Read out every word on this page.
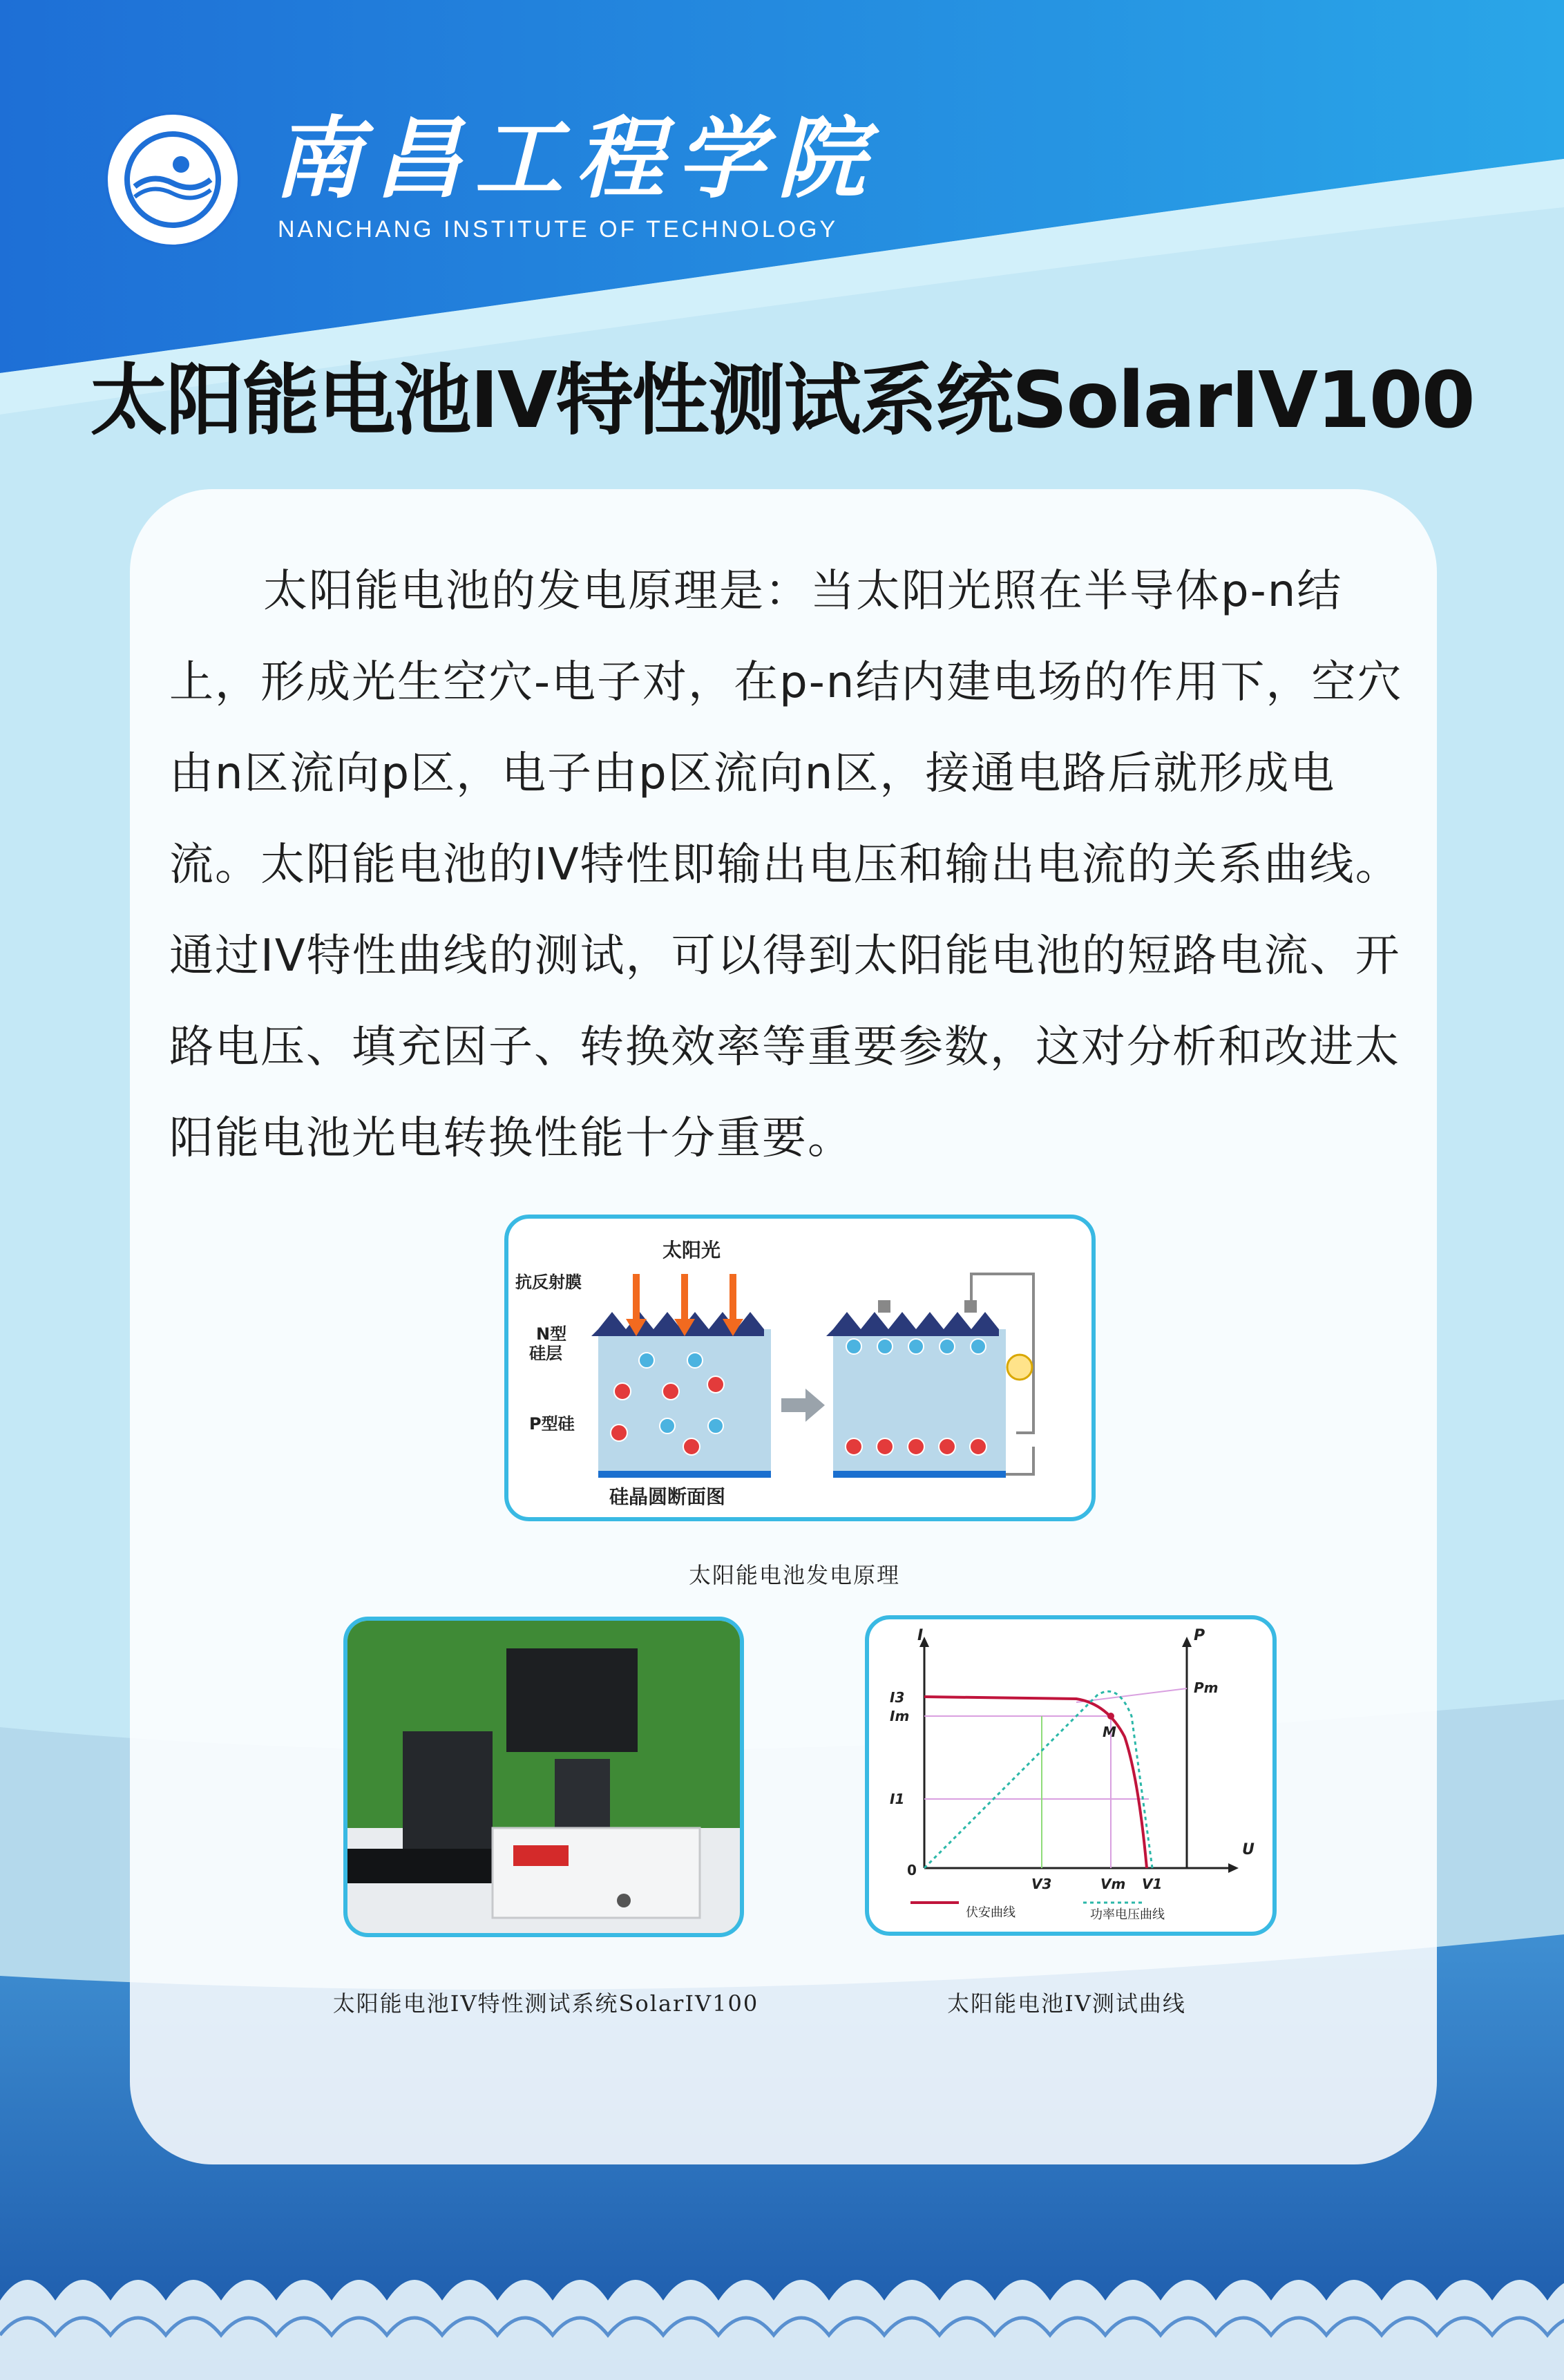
南昌工程学院
NANCHANG INSTITUTE OF TECHNOLOGY
太阳能电池IV特性测试系统SolarIV100

太阳能电池的发电原理是：当太阳光照在半导体p-n结上，形成光生空穴-电子对，在p-n结内建电场的作用下，空穴由n区流向p区，电子由p区流向n区，接通电路后就形成电流。太阳能电池的IV特性即输出电压和输出电流的关系曲线。通过IV特性曲线的测试，可以得到太阳能电池的短路电流、开路电压、填充因子、转换效率等重要参数，这对分析和改进太阳能电池光电转换性能十分重要。

太阳光
抗反射膜
N型
硅层
P型硅
硅晶圆断面图
太阳能电池发电原理
太阳能电池IV特性测试系统SolarIV100
I	P
U
0
I3
Im
I1
V3	Vm V1
Pm
M
伏安曲线	功率电压曲线
太阳能电池IV测试曲线
